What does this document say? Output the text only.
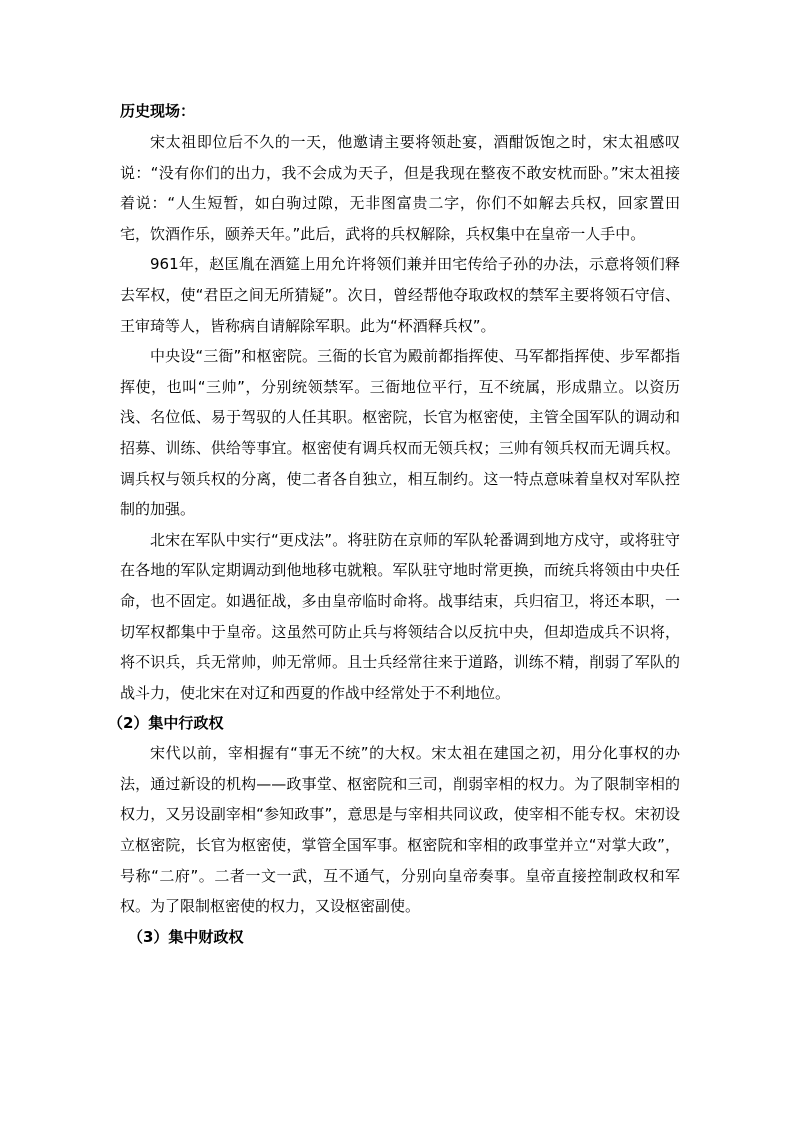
历史现场：

宋太祖即位后不久的一天，他邀请主要将领赴宴，酒酣饭饱之时，宋太祖感叹说：“没有你们的出力，我不会成为天子，但是我现在整夜不敢安枕而卧。”宋太祖接着说：“人生短暂，如白驹过隙，无非图富贵二字，你们不如解去兵权，回家置田宅，饮酒作乐，颐养天年。”此后，武将的兵权解除，兵权集中在皇帝一人手中。

961年，赵匡胤在酒筵上用允许将领们兼并田宅传给子孙的办法，示意将领们释去军权，使“君臣之间无所猜疑”。次日，曾经帮他夺取政权的禁军主要将领石守信、王审琦等人，皆称病自请解除军职。此为“杯酒释兵权”。

中央设“三衙”和枢密院。三衙的长官为殿前都指挥使、马军都指挥使、步军都指挥使，也叫“三帅”，分别统领禁军。三衙地位平行，互不统属，形成鼎立。以资历浅、名位低、易于驾驭的人任其职。枢密院，长官为枢密使，主管全国军队的调动和招募、训练、供给等事宜。枢密使有调兵权而无领兵权；三帅有领兵权而无调兵权。调兵权与领兵权的分离，使二者各自独立，相互制约。这一特点意味着皇权对军队控制的加强。

北宋在军队中实行“更戍法”。将驻防在京师的军队轮番调到地方戍守，或将驻守在各地的军队定期调动到他地移屯就粮。军队驻守地时常更换，而统兵将领由中央任命，也不固定。如遇征战，多由皇帝临时命将。战事结束，兵归宿卫，将还本职，一切军权都集中于皇帝。这虽然可防止兵与将领结合以反抗中央，但却造成兵不识将，将不识兵，兵无常帅，帅无常师。且士兵经常往来于道路，训练不精，削弱了军队的战斗力，使北宋在对辽和西夏的作战中经常处于不利地位。

（2）集中行政权

宋代以前，宰相握有“事无不统”的大权。宋太祖在建国之初，用分化事权的办法，通过新设的机构——政事堂、枢密院和三司，削弱宰相的权力。为了限制宰相的权力，又另设副宰相“参知政事”，意思是与宰相共同议政，使宰相不能专权。宋初设立枢密院，长官为枢密使，掌管全国军事。枢密院和宰相的政事堂并立“对掌大政”，号称“二府”。二者一文一武，互不通气，分别向皇帝奏事。皇帝直接控制政权和军权。为了限制枢密使的权力，又设枢密副使。

（3）集中财政权
